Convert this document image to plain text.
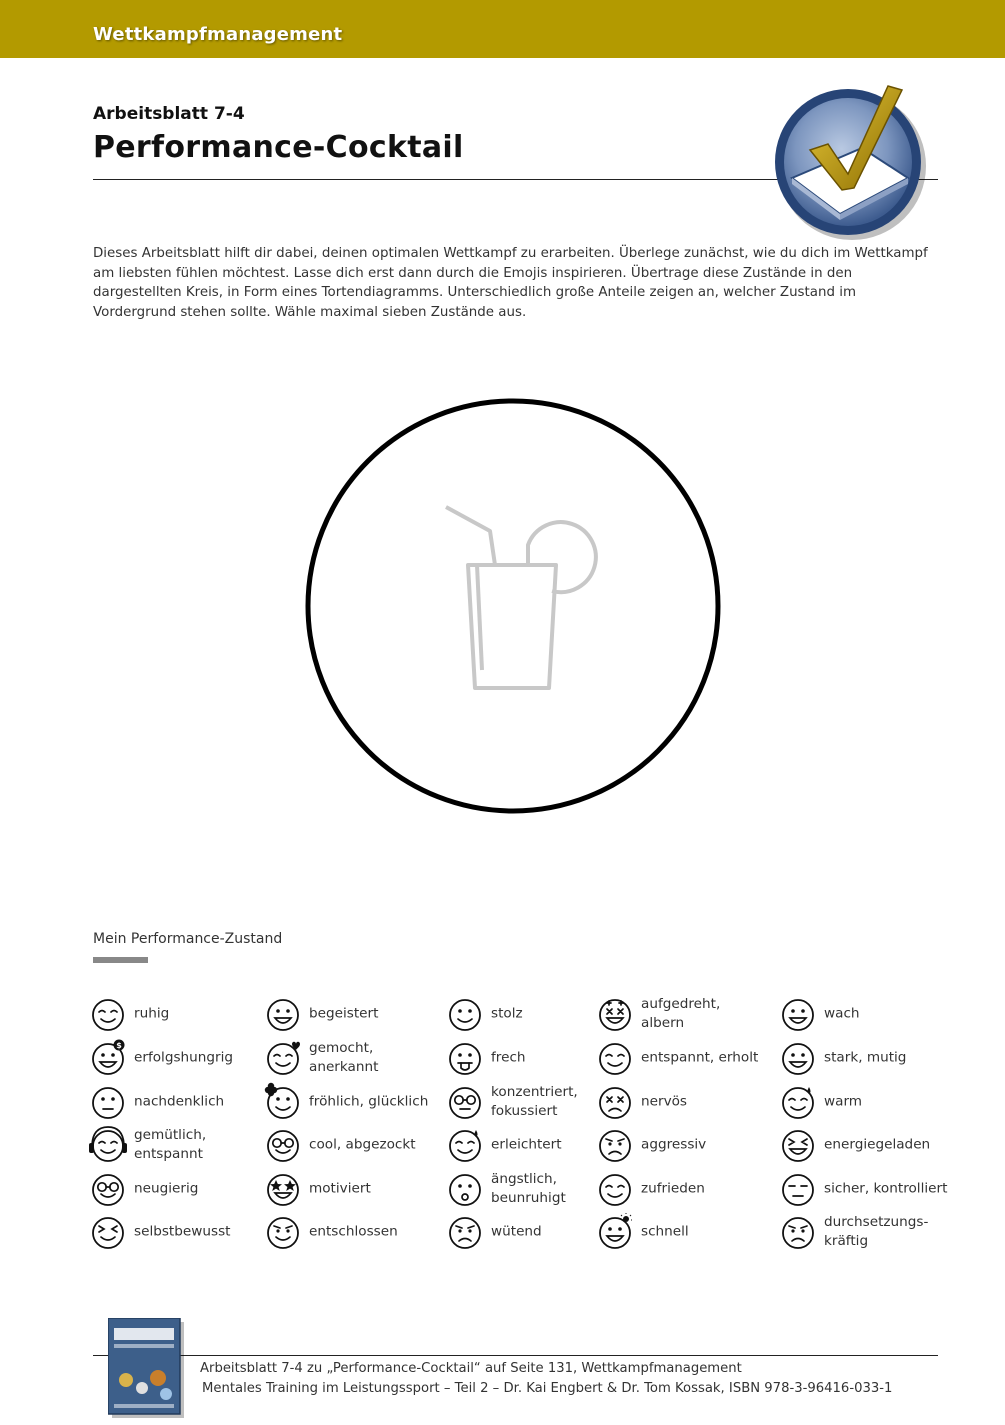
Wettkampfmanagement
Arbeitsblatt 7-4
Performance-Cocktail

Dieses Arbeitsblatt hilft dir dabei, deinen optimalen Wettkampf zu erarbeiten. Überlege zunächst, wie du dich im Wettkampf am liebsten fühlen möchtest. Lasse dich erst dann durch die Emojis inspirieren. Übertrage diese Zustände in den dargestellten Kreis, in Form eines Tortendiagramms. Unterschiedlich große Anteile zeigen an, welcher Zustand im Vordergrund stehen sollte. Wähle maximal sieben Zustände aus.

Mein Performance-Zustand
ruhig
$
erfolgshungrig
nachdenklich
gemütlich,
entspannt
neugierig
selbstbewusst
begeistert
gemocht,
anerkannt
fröhlich, glücklich
cool, abgezockt
motiviert
entschlossen
stolz
frech
konzentriert,
fokussiert
erleichtert
ängstlich,
beunruhigt
wütend
aufgedreht, albern
entspannt, erholt
nervös
aggressiv
zufrieden
schnell
wach
stark, mutig
warm
energiegeladen
sicher, kontrolliert
durchsetzungs-
kräftig
Arbeitsblatt 7-4 zu „Performance-Cocktail“ auf Seite 131, Wettkampfmanagement
Mentales Training im Leistungssport – Teil 2 – Dr. Kai Engbert & Dr. Tom Kossak, ISBN 978-3-96416-033-1
